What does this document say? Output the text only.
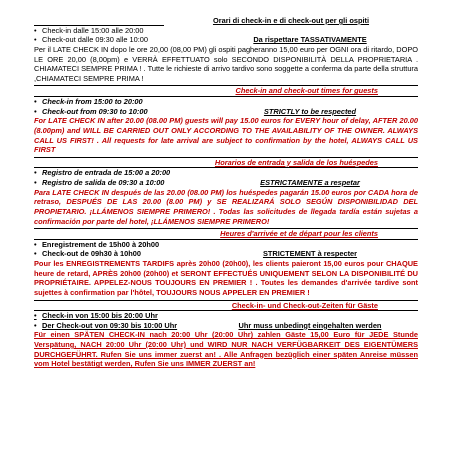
Orari di check-in e di check-out per gli ospiti
• Check-in dalle 15:00 alle 20:00
• Check-out dalle 09:30 alle 10:00	Da rispettare TASSATIVAMENTE
Per il LATE CHECK IN dopo le ore 20,00 (08,00 PM) gli ospiti pagheranno 15,00 euro per OGNI ora di ritardo, DOPO LE ORE 20,00 (8,00pm) e VERRÀ EFFETTUATO solo SECONDO DISPONIBILITÀ DELLA PROPRIETARIA . CHIAMATECI SEMPRE PRIMA ! . Tutte le richieste di arrivo tardivo sono soggette a conferma da parte della struttura ,CHIAMATECI SEMPRE PRIMA !
Check-in and check-out times for guests
• Check-in from 15:00 to 20:00
• Check-out from 09:30 to 10:00	STRICTLY to be respected
For LATE CHECK IN after 20.00 (08.00 PM) guests will pay 15.00 euros for EVERY hour of delay, AFTER 20.00 (8.00pm) and WILL BE CARRIED OUT ONLY ACCORDING TO THE AVAILABILITY OF THE OWNER. ALWAYS CALL US FIRST! . All requests for late arrival are subject to confirmation by the hotel, ALWAYS CALL US FIRST
Horarios de entrada y salida de los huéspedes
• Registro de entrada de 15:00 a 20:00
• Registro de salida de 09:30 a 10:00	ESTRICTAMENTE a respetar
Para LATE CHECK IN después de las 20.00 (08.00 PM) los huéspedes pagarán 15.00 euros por CADA hora de retraso, DESPUÉS DE LAS 20.00 (8.00 PM) y SE REALIZARÁ SOLO SEGÚN DISPONIBILIDAD DEL PROPIETARIO. ¡LLÁMENOS SIEMPRE PRIMERO! . Todas las solicitudes de llegada tardía están sujetas a confirmación por parte del hotel, ¡LLÁMENOS SIEMPRE PRIMERO!
Heures d'arrivée et de départ pour les clients
• Enregistrement de 15h00 à 20h00
• Check-out de 09h30 à 10h00	STRICTEMENT à respecter
Pour les ENREGISTREMENTS TARDIFS après 20h00 (20h00), les clients paieront 15,00 euros pour CHAQUE heure de retard, APRÈS 20h00 (20h00) et SERONT EFFECTUÉS UNIQUEMENT SELON LA DISPONIBILITÉ DU PROPRIÉTAIRE. APPELEZ-NOUS TOUJOURS EN PREMIER ! . Toutes les demandes d'arrivée tardive sont sujettes à confirmation par l'hôtel, TOUJOURS NOUS APPELER EN PREMIER !
Check-in- und Check-out-Zeiten für Gäste
• Check-in von 15:00 bis 20:00 Uhr
• Der Check-out von 09:30 bis 10:00 Uhr	Uhr muss unbedingt eingehalten werden
Für einen SPÄTEN CHECK-IN nach 20:00 Uhr (20:00 Uhr) zahlen Gäste 15,00 Euro für JEDE Stunde Verspätung, NACH 20:00 Uhr (20:00 Uhr) und WIRD NUR NACH VERFÜGBARKEIT DES EIGENTÜMERS DURCHGEFÜHRT. Rufen Sie uns immer zuerst an! . Alle Anfragen bezüglich einer späten Anreise müssen vom Hotel bestätigt werden, Rufen Sie uns IMMER ZUERST an!
